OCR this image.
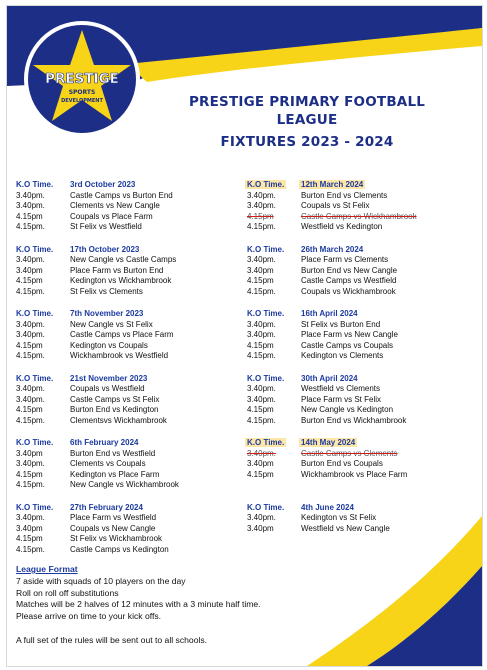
PRESTIGE
SPORTS
DEVELOPMENT	PRESTIGE PRIMARY FOOTBALL LEAGUE
FIXTURES 2023 - 2024
K.O Time.	3rd October 2023
3.40pm.	Castle Camps vs Burton End
3.40pm.	Clements vs New Cangle
4.15pm	Coupals vs Place Farm
4.15pm.	St Felix vs Westfield
K.O Time.	17th October 2023
3.40pm.	New Cangle vs Castle Camps
3.40pm	Place Farm vs Burton End
4.15pm	Kedington vs Wickhambrook
4.15pm.	St Felix vs Clements
K.O Time.	7th November 2023
3.40pm.	New Cangle vs St Felix
3.40pm.	Castle Camps vs Place Farm
4.15pm	Kedington vs Coupals
4.15pm.	Wickhambrook vs Westfield
K.O Time.	21st November 2023
3.40pm.	Coupals vs Westfield
3.40pm.	Castle Camps vs St Felix
4.15pm	Burton End vs Kedington
4.15pm.	Clementsvs Wickhambrook
K.O Time.	6th February 2024
3.40pm	Burton End vs Westfield
3.40pm.	Clements vs Coupals
4.15pm	Kedington vs Place Farm
4.15pm.	New Cangle vs Wickhambrook
K.O Time.	27th February 2024
3.40pm.	Place Farm vs Westfield
3.40pm	Coupals vs New Cangle
4.15pm	St Felix vs Wickhambrook
4.15pm.	Castle Camps vs Kedington
K.O Time.	12th March 2024
3.40pm.	Burton End vs Clements
3.40pm.	Coupals vs St Felix
4.15pm	Castle Camps vs Wickhambrook
4.15pm.	Westfield vs Kedington
K.O Time.	26th March 2024
3.40pm.	Place Farm vs Clements
3.40pm	Burton End vs New Cangle
4.15pm	Castle Camps vs Westfield
4.15pm.	Coupals vs Wickhambrook
K.O Time.	16th April 2024
3.40pm.	St Felix vs Burton End
3.40pm.	Place Farm vs New Cangle
4.15pm	Castle Camps vs Coupals
4.15pm.	Kedington vs Clements
K.O Time.	30th April 2024
3.40pm.	Westfield vs Clements
3.40pm.	Place Farm vs St Felix
4.15pm	New Cangle vs Kedington
4.15pm.	Burton End vs Wickhambrook
K.O Time.	14th May 2024
3.40pm.	Castle Camps vs Clements
3.40pm	Burton End vs Coupals
4.15pm	Wickhambrook vs Place Farm
K.O Time.	4th June 2024
3.40pm.	Kedington vs St Felix
3.40pm	Westfield vs New Cangle
League Format
7 aside with squads of 10 players on the day
Roll on roll off substitutions
Matches will be 2 halves of 12 minutes with a 3 minute half time.
Please arrive on time to your kick offs.
A full set of the rules will be sent out to all schools.
